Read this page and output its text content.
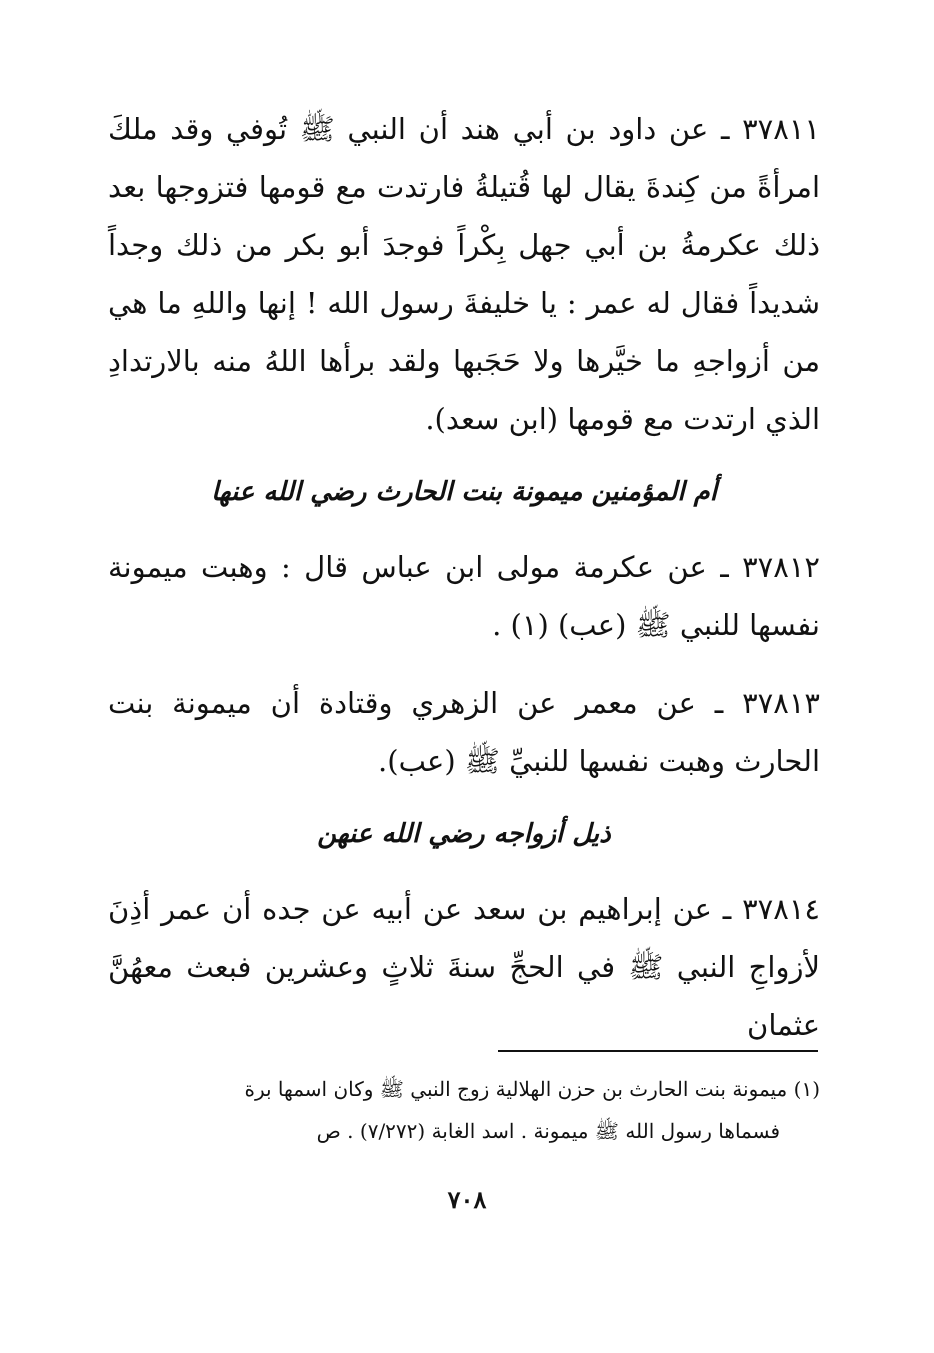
٣٧٨١١ ـ عن داود بن أبي هند أن النبي ﷺ تُوفي وقد ملكَ امرأةً من كِندةَ يقال لها قُتيلةُ فارتدت مع قومها فتزوجها بعد ذلك عكرمةُ بن أبي جهل بِكْراً فوجدَ أبو بكر من ذلك وجداً شديداً فقال له عمر : يا خليفةَ رسول الله ! إنها واللهِ ما هي من أزواجهِ ما خيَّرها ولا حَجَبها ولقد برأها اللهُ منه بالارتدادِ الذي ارتدت مع قومها (ابن سعد).

أم المؤمنين ميمونة بنت الحارث رضي الله عنها

٣٧٨١٢ ـ عن عكرمة مولى ابن عباس قال : وهبت ميمونة نفسها للنبي ﷺ (عب) (١) .

٣٧٨١٣ ـ عن معمر عن الزهري وقتادة أن ميمونة بنت الحارث وهبت نفسها للنبيِّ ﷺ (عب).

ذيل أزواجه رضي الله عنهن

٣٧٨١٤ ـ عن إبراهيم بن سعد عن أبيه عن جده أن عمر أذِنَ لأزواجِ النبي ﷺ في الحجِّ سنةَ ثلاثٍ وعشرين فبعث معهُنَّ عثمان

(١) ميمونة بنت الحارث بن حزن الهلالية زوج النبي ﷺ وكان اسمها برة

فسماها رسول الله ﷺ ميمونة . اسد الغابة (٧/٢٧٢) . ص

٧٠٨
